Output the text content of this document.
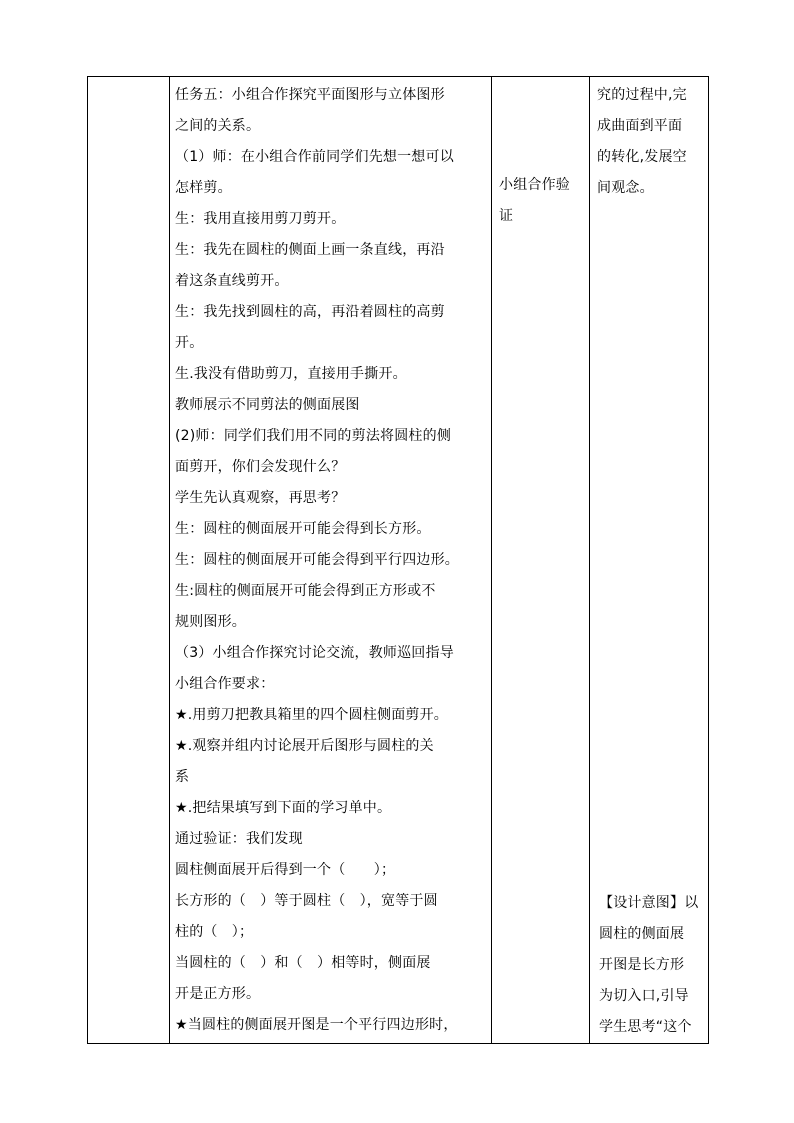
任务五：小组合作探究平面图形与立体图形
之间的关系。
（1）师：在小组合作前同学们先想一想可以
怎样剪。
生：我用直接用剪刀剪开。
生：我先在圆柱的侧面上画一条直线，再沿
着这条直线剪开。
生：我先找到圆柱的高，再沿着圆柱的高剪
开。
生.我没有借助剪刀，直接用手撕开。
教师展示不同剪法的侧面展图
(2)师：同学们我们用不同的剪法将圆柱的侧
面剪开，你们会发现什么？
学生先认真观察，再思考？
生：圆柱的侧面展开可能会得到长方形。
生：圆柱的侧面展开可能会得到平行四边形。
生:圆柱的侧面展开可能会得到正方形或不
规则图形。
（3）小组合作探究讨论交流，教师巡回指导
小组合作要求：
★.用剪刀把教具箱里的四个圆柱侧面剪开。
★.观察并组内讨论展开后图形与圆柱的关
系
★.把结果填写到下面的学习单中。
通过验证：我们发现
圆柱侧面展开后得到一个（　　）；
长方形的（　）等于圆柱（　），宽等于圆
柱的（　）；
当圆柱的（　）和（　）相等时，侧面展
开是正方形。
★当圆柱的侧面展开图是一个平行四边形时，

小组合作验
证

究的过程中,完
成曲面到平面
的转化,发展空
间观念。
【设计意图】以
圆柱的侧面展
开图是长方形
为切入口,引导
学生思考“这个
